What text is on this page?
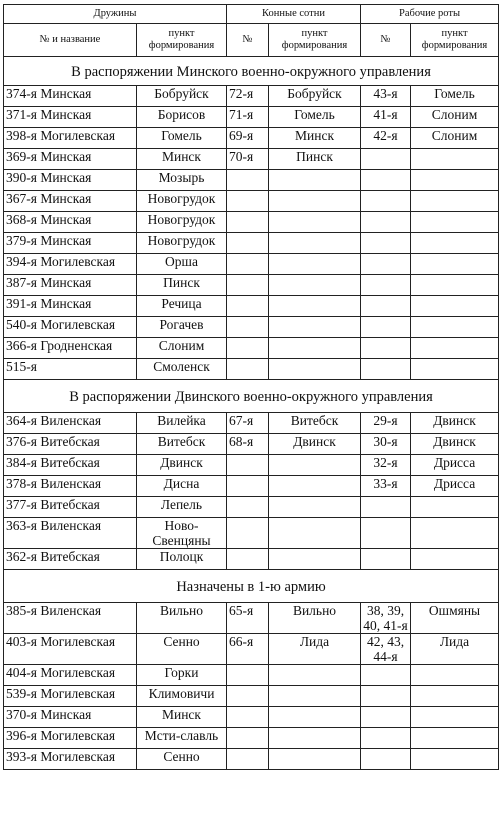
Дружины		Конные сотни		Рабочие роты	
№ и название	пункт формирования	№	пункт формирования	№	пункт формирования
В распоряжении Минского военно-окружного управления					
374-я Минская	Бобруйск	72-я	Бобруйск	43-я	Гомель
371-я Минская	Борисов	71-я	Гомель	41-я	Слоним
398-я Могилевская	Гомель	69-я	Минск	42-я	Слоним
369-я Минская	Минск	70-я	Пинск		
390-я Минская	Мозырь				
367-я Минская	Новогрудок				
368-я Минская	Новогрудок				
379-я Минская	Новогрудок				
394-я Могилевская	Орша				
387-я Минская	Пинск				
391-я Минская	Речица				
540-я Могилевская	Рогачев				
366-я Гродненская	Слоним				
515-я	Смоленск				
В распоряжении Двинского военно-окружного управления					
364-я Виленская	Вилейка	67-я	Витебск	29-я	Двинск
376-я Витебская	Витебск	68-я	Двинск	30-я	Двинск
384-я Витебская	Двинск			32-я	Дрисса
378-я Виленская	Дисна			33-я	Дрисса
377-я Витебская	Лепель				
363-я Виленская	Ново-Свенцяны				
362-я Витебская	Полоцк				
Назначены в 1-ю армию					
385-я Виленская	Вильно	65-я	Вильно	38, 39, 40, 41-я	Ошмяны
403-я Могилевская	Сенно	66-я	Лида	42, 43, 44-я	Лида
404-я Могилевская	Горки				
539-я Могилевская	Климовичи				
370-я Минская	Минск				
396-я Могилевская	Мсти-славль				
393-я Могилевская	Сенно				
